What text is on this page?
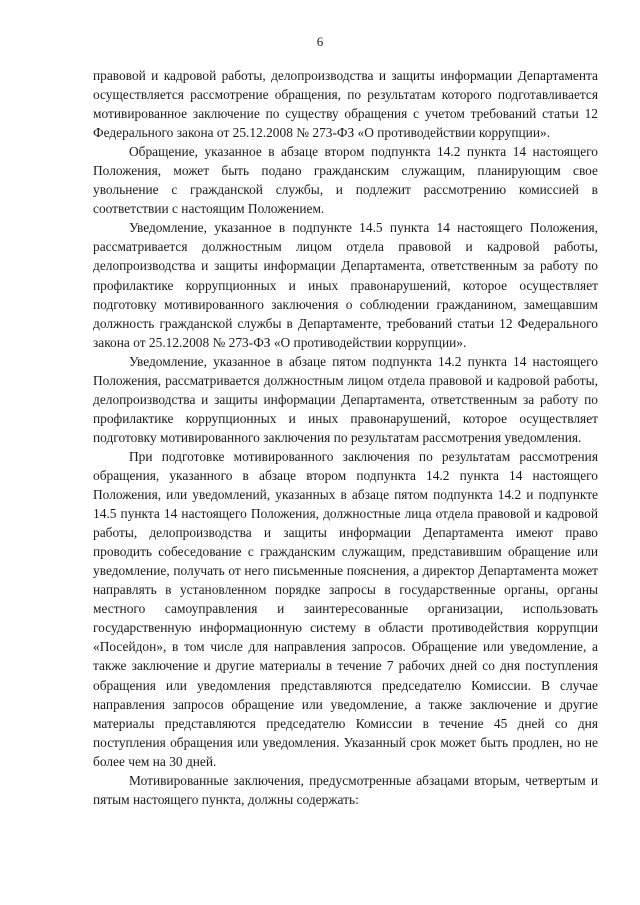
6

правовой и кадровой работы, делопроизводства и защиты информации Департамента осуществляется рассмотрение обращения, по результатам которого подготавливается мотивированное заключение по существу обращения с учетом требований статьи 12 Федерального закона от 25.12.2008 № 273-ФЗ «О противодействии коррупции».

Обращение, указанное в абзаце втором подпункта 14.2 пункта 14 настоящего Положения, может быть подано гражданским служащим, планирующим свое увольнение с гражданской службы, и подлежит рассмотрению комиссией в соответствии с настоящим Положением.

Уведомление, указанное в подпункте 14.5 пункта 14 настоящего Положения, рассматривается должностным лицом отдела правовой и кадровой работы, делопроизводства и защиты информации Департамента, ответственным за работу по профилактике коррупционных и иных правонарушений, которое осуществляет подготовку мотивированного заключения о соблюдении гражданином, замещавшим должность гражданской службы в Департаменте, требований статьи 12 Федерального закона от 25.12.2008 № 273-ФЗ «О противодействии коррупции».

Уведомление, указанное в абзаце пятом подпункта 14.2 пункта 14 настоящего Положения, рассматривается должностным лицом отдела правовой и кадровой работы, делопроизводства и защиты информации Департамента, ответственным за работу по профилактике коррупционных и иных правонарушений, которое осуществляет подготовку мотивированного заключения по результатам рассмотрения уведомления.

При подготовке мотивированного заключения по результатам рассмотрения обращения, указанного в абзаце втором подпункта 14.2 пункта 14 настоящего Положения, или уведомлений, указанных в абзаце пятом подпункта 14.2 и подпункте 14.5 пункта 14 настоящего Положения, должностные лица отдела правовой и кадровой работы, делопроизводства и защиты информации Департамента имеют право проводить собеседование с гражданским служащим, представившим обращение или уведомление, получать от него письменные пояснения, а директор Департамента может направлять в установленном порядке запросы в государственные органы, органы местного самоуправления и заинтересованные организации, использовать государственную информационную систему в области противодействия коррупции «Посейдон», в том числе для направления запросов. Обращение или уведомление, а также заключение и другие материалы в течение 7 рабочих дней со дня поступления обращения или уведомления представляются председателю Комиссии. В случае направления запросов обращение или уведомление, а также заключение и другие материалы представляются председателю Комиссии в течение 45 дней со дня поступления обращения или уведомления. Указанный срок может быть продлен, но не более чем на 30 дней.

Мотивированные заключения, предусмотренные абзацами вторым, четвертым и пятым настоящего пункта, должны содержать:
